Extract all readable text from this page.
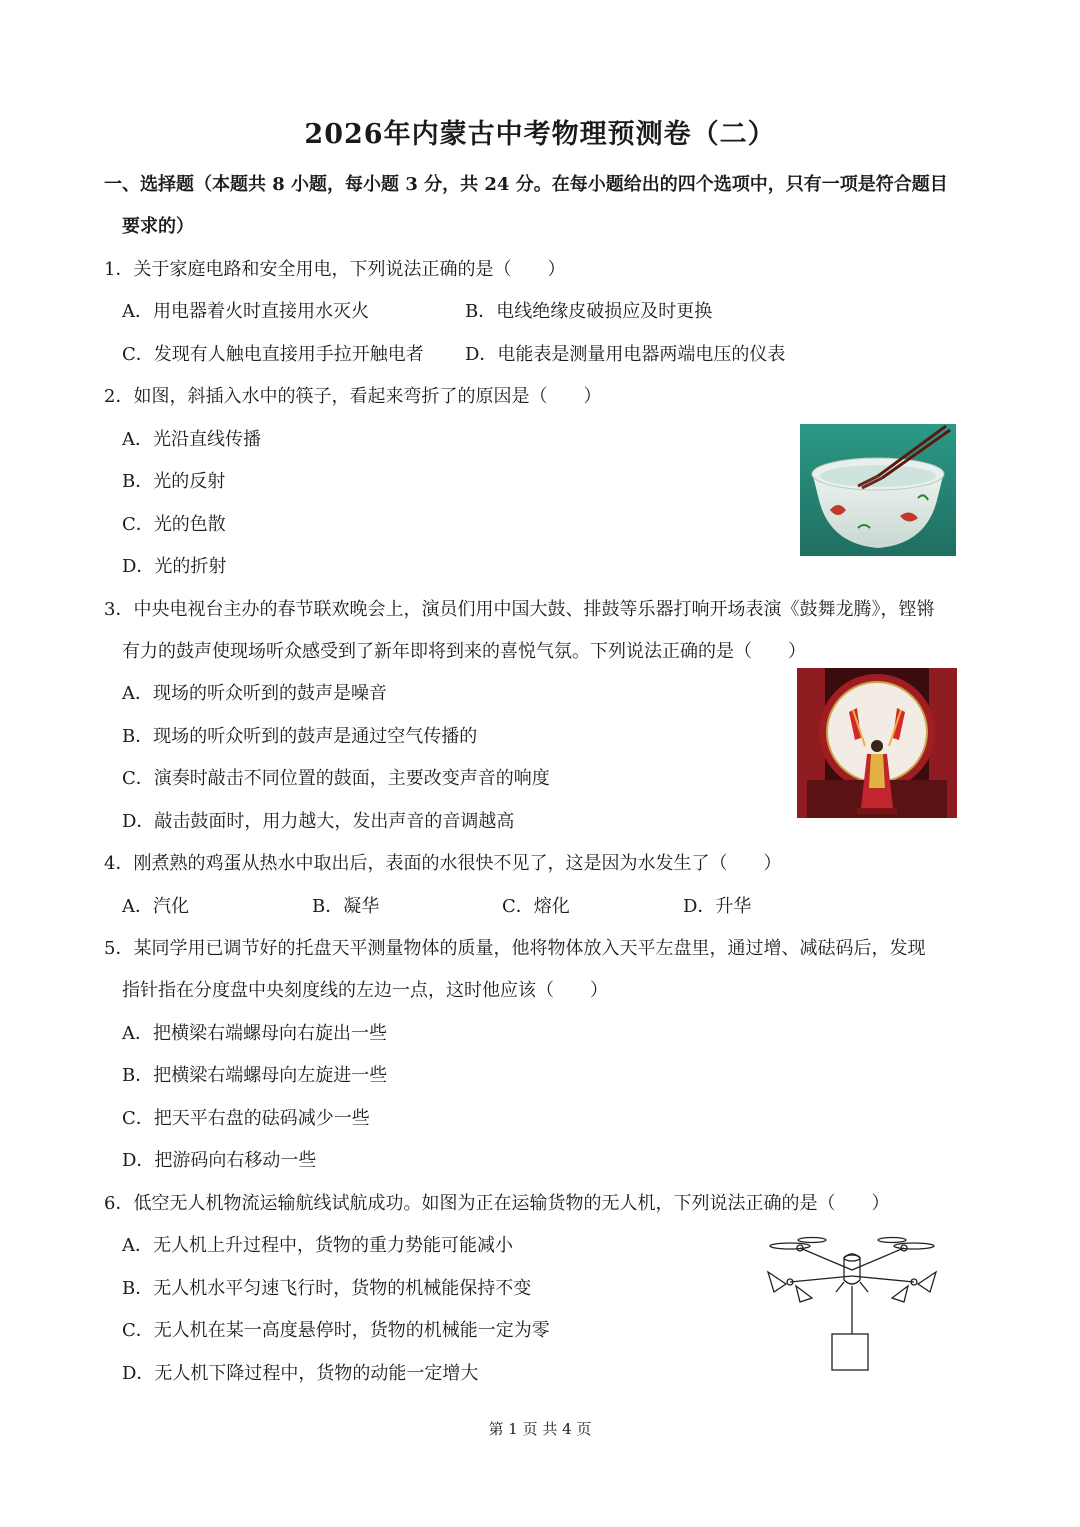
2026年内蒙古中考物理预测卷（二）
一、选择题（本题共 8 小题，每小题 3 分，共 24 分。在每小题给出的四个选项中，只有一项是符合题目
要求的）
1．关于家庭电路和安全用电，下列说法正确的是（　　）
A．用电器着火时直接用水灭火	B．电线绝缘皮破损应及时更换
C．发现有人触电直接用手拉开触电者 D．电能表是测量用电器两端电压的仪表
2．如图，斜插入水中的筷子，看起来弯折了的原因是（　　）
A．光沿直线传播
B．光的反射
C．光的色散
D．光的折射
3．中央电视台主办的春节联欢晚会上，演员们用中国大鼓、排鼓等乐器打响开场表演《鼓舞龙腾》，铿锵
有力的鼓声使现场听众感受到了新年即将到来的喜悦气氛。下列说法正确的是（　　）
A．现场的听众听到的鼓声是噪音
B．现场的听众听到的鼓声是通过空气传播的
C．演奏时敲击不同位置的鼓面，主要改变声音的响度
D．敲击鼓面时，用力越大，发出声音的音调越高
4．刚煮熟的鸡蛋从热水中取出后，表面的水很快不见了，这是因为水发生了（　　）
A．汽化	B．凝华	C．熔化	D．升华
5．某同学用已调节好的托盘天平测量物体的质量，他将物体放入天平左盘里，通过增、减砝码后，发现
指针指在分度盘中央刻度线的左边一点，这时他应该（　　）
A．把横梁右端螺母向右旋出一些
B．把横梁右端螺母向左旋进一些
C．把天平右盘的砝码减少一些
D．把游码向右移动一些
6．低空无人机物流运输航线试航成功。如图为正在运输货物的无人机，下列说法正确的是（　　）
A．无人机上升过程中，货物的重力势能可能减小
B．无人机水平匀速飞行时，货物的机械能保持不变
C．无人机在某一高度悬停时，货物的机械能一定为零
D．无人机下降过程中，货物的动能一定增大
第 1 页 共 4 页
